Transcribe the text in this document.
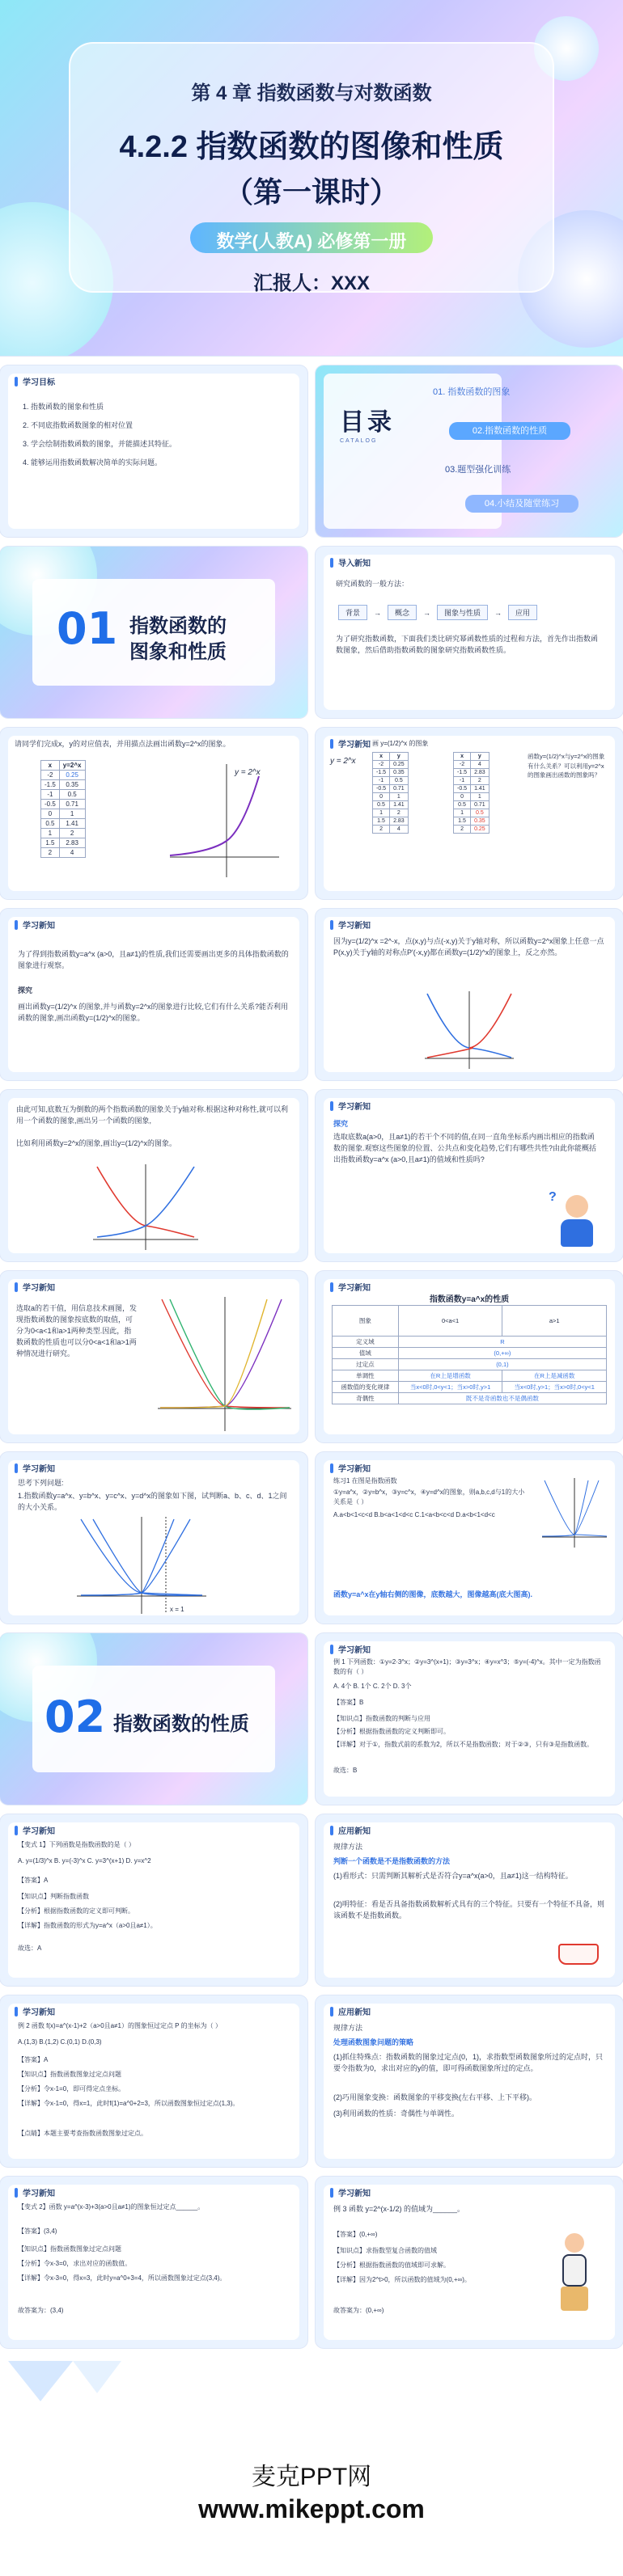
第 4 章 指数函数与对数函数
4.2.2 指数函数的图像和性质
（第一课时）
数学(人教A) 必修第一册
汇报人：XXX
学习目标
1. 指数函数的图象和性质
2. 不同底指数函数图象的相对位置
3. 学会绘制指数函数的图象，并能描述其特征。
4. 能够运用指数函数解决简单的实际问题。
目录
CATALOG
01. 指数函数的图象
02.指数函数的性质
03.题型强化训练
04.小结及随堂练习
01 指数函数的
图象和性质
导入新知
研究函数的一般方法：
背景	→	概念	→	图象与性质	→	应用
为了研究指数函数，下面我们类比研究幂函数性质的过程和方法，首先作出指数函数图象，然后借助指数函数的图象研究指数函数性质。
请同学们完成x，y的对应值表，并用描点法画出函数y=2^x的图象。
x	y=2^x
-2	0.25
-1.5	0.35
-1	0.5
-0.5	0.71
0	1
0.5	1.41
1	2
1.5	2.83
2	4
y = 2^x
学习新知
y = 2^x
画 y=(1/2)^x 的图象
x	y
-2	0.25
-1.5	0.35
-1	0.5
-0.5	0.71
0	1
0.5	1.41
1	2
1.5	2.83
2	4
x	y
-2	4
-1.5	2.83
-1	2
-0.5	1.41
0	1
0.5	0.71
1	0.5
1.5	0.35
2	0.25
函数y=(1/2)^x与y=2^x的图象有什么关系？可以利用y=2^x的图象画出函数的图象吗？
学习新知
为了得到指数函数y=a^x (a>0，且a≠1)的性质,我们还需要画出更多的具体指数函数的图象进行观察。
探究
画出函数y=(1/2)^x 的图象,并与函数y=2^x的图象进行比较,它们有什么关系?能否利用函数的图象,画出函数y=(1/2)^x的图象。
学习新知
因为y=(1/2)^x =2^-x，点(x,y)与点(-x,y)关于y轴对称，所以函数y=2^x图象上任意一点P(x,y)关于y轴的对称点P'(-x,y)都在函数y=(1/2)^x的图象上，反之亦然。
由此可知,底数互为倒数的两个指数函数的图象关于y轴对称.根据这种对称性,就可以利用一个函数的图象,画出另一个函数的图象,
比如利用函数y=2^x的图象,画出y=(1/2)^x的图象。
学习新知
探究
选取底数a(a>0，且a≠1)的若干个不同的值,在同一直角坐标系内画出相应的指数函数的图象.观察这些图象的位置、公共点和变化趋势,它们有哪些共性?由此你能概括出指数函数y=a^x (a>0,且a≠1)的值域和性质吗?
?
学习新知
选取a的若干值，用信息技术画图，发现指数函数的图象按底数的取值，可分为0<a<1和a>1两种类型.因此，指数函数的性质也可以分0<a<1和a>1两种情况进行研究。
学习新知
指数函数y=a^x的性质
图象	0<a<1	a>1
定义域	R	
值域	(0,+∞)	
过定点	(0,1)	
单调性	在R上是增函数	在R上是减函数
函数值的变化规律	当x<0时,0<y<1；当x>0时,y>1	当x<0时,y>1；当x>0时,0<y<1
奇偶性	既不是奇函数也不是偶函数	
学习新知
思考下列问题:
1.指数函数y=a^x、y=b^x、y=c^x、y=d^x的图象如下图，试判断a、b、c、d、1之间的大小关系。
x = 1
学习新知
练习1 在图是指数函数
①y=a^x，②y=b^x，③y=c^x，④y=d^x的图象，则a,b,c,d与1的大小关系是（ ）
A.a<b<1<c<d B.b<a<1<d<c C.1<a<b<c<d D.a<b<1<d<c
函数y=a^x在y轴右侧的图像，底数越大，图像越高(底大图高).
02 指数函数的性质
学习新知
例 1 下列函数：①y=2·3^x；②y=3^(x+1)；③y=3^x；④y=x^3；⑤y=(-4)^x。其中一定为指数函数的有（ ）
A. 4个 B. 1个 C. 2个 D. 3个
【答案】B
【知识点】指数函数的判断与应用
【分析】根据指数函数的定义判断即可。
【详解】对于①，指数式前的系数为2，所以不是指数函数；对于②③，只有③是指数函数。
故选：B
学习新知
【变式 1】下列函数是指数函数的是（ ）
A. y=(1/3)^x B. y=(-3)^x C. y=3^(x+1) D. y=x^2
【答案】A
【知识点】判断指数函数
【分析】根据指数函数的定义即可判断。
【详解】指数函数的形式为y=a^x（a>0且a≠1）。
故选：A
应用新知
规律方法
判断一个函数是不是指数函数的方法
(1)看形式：只需判断其解析式是否符合y=a^x(a>0，且a≠1)这一结构特征。
(2)明特征：看是否具备指数函数解析式具有的三个特征。只要有一个特征不具备，则该函数不是指数函数。
学习新知
例 2 函数 f(x)=a^(x-1)+2（a>0且a≠1）的图象恒过定点 P 的坐标为（ ）
A.(1,3) B.(1,2) C.(0,1) D.(0,3)
【答案】A
【知识点】指数函数图象过定点问题
【分析】令x-1=0，即可得定点坐标。
【详解】令x-1=0，得x=1，此时f(1)=a^0+2=3，所以函数图象恒过定点(1,3)。
【点睛】本题主要考查指数函数图象过定点。
应用新知
规律方法
处理函数图象问题的策略
(1)抓住特殊点：指数函数的图象过定点(0，1)，求指数型函数图象所过的定点时，只要令指数为0，求出对应的y的值，即可得函数图象所过的定点。
(2)巧用图象变换：函数图象的平移变换(左右平移、上下平移)。
(3)利用函数的性质：奇偶性与单调性。
学习新知
【变式 2】函数 y=a^(x-3)+3(a>0且a≠1)的图象恒过定点______。
【答案】(3,4)
【知识点】指数函数图象过定点问题
【分析】令x-3=0，求出对应的函数值。
【详解】令x-3=0，得x=3，此时y=a^0+3=4，所以函数图象过定点(3,4)。
故答案为：(3,4)
学习新知
例 3 函数 y=2^(x-1/2) 的值域为______。
【答案】(0,+∞)
【知识点】求指数型复合函数的值域
【分析】根据指数函数的值域即可求解。
【详解】因为2^t>0，所以函数的值域为(0,+∞)。
故答案为：(0,+∞)
麦克PPT网
www.mikeppt.com
